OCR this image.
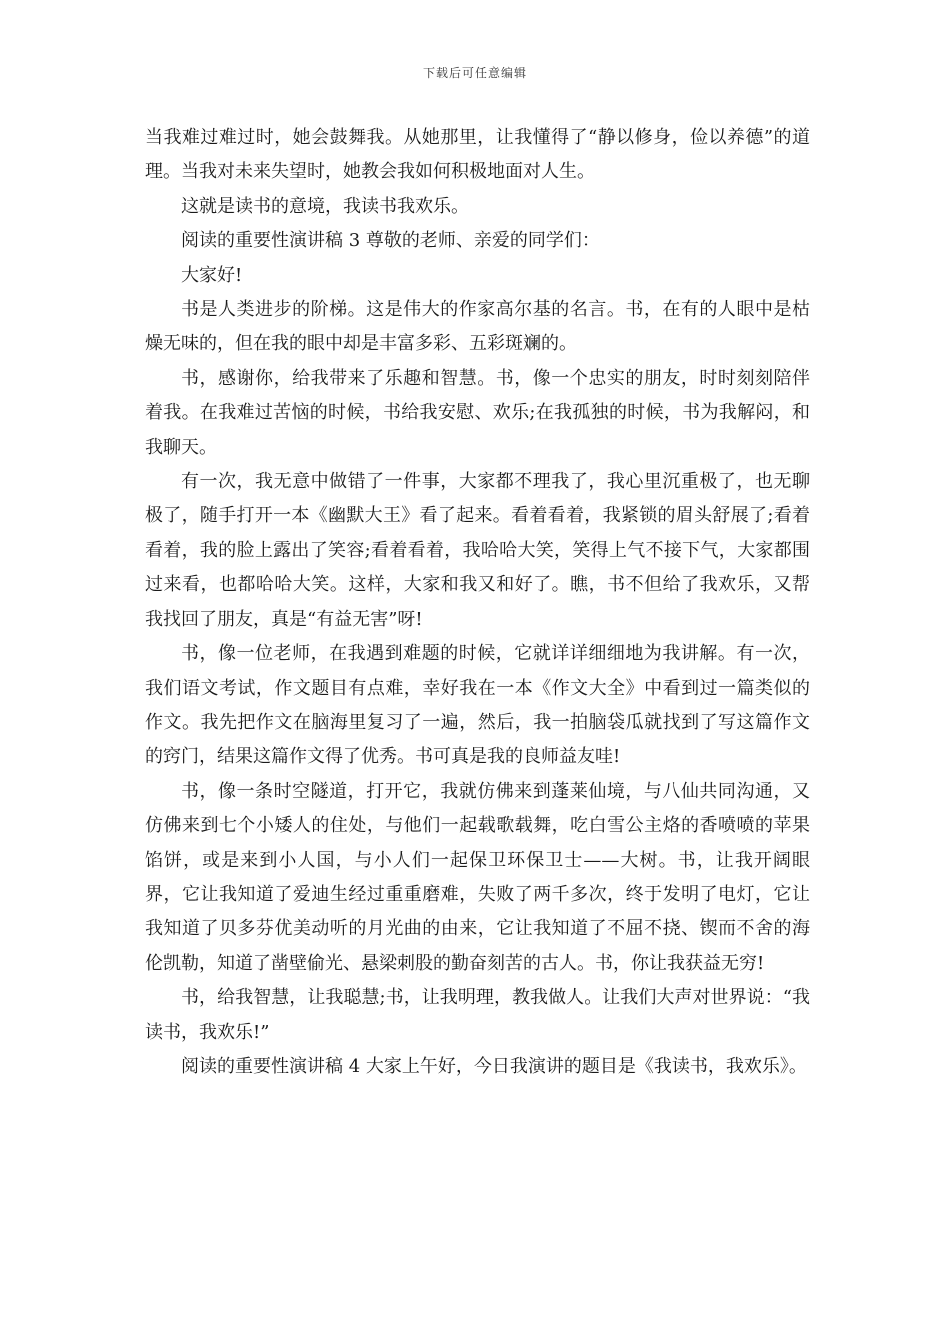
下载后可任意编辑

当我难过难过时，她会鼓舞我。从她那里，让我懂得了“静以修身，俭以养德”的道理。当我对未来失望时，她教会我如何积极地面对人生。

这就是读书的意境，我读书我欢乐。

阅读的重要性演讲稿 3 尊敬的老师、亲爱的同学们：

大家好!

书是人类进步的阶梯。这是伟大的作家高尔基的名言。书，在有的人眼中是枯燥无味的，但在我的眼中却是丰富多彩、五彩斑斓的。

书，感谢你，给我带来了乐趣和智慧。书，像一个忠实的朋友，时时刻刻陪伴着我。在我难过苦恼的时候，书给我安慰、欢乐;在我孤独的时候，书为我解闷，和我聊天。

有一次，我无意中做错了一件事，大家都不理我了，我心里沉重极了，也无聊极了，随手打开一本《幽默大王》看了起来。看着看着，我紧锁的眉头舒展了;看着看着，我的脸上露出了笑容;看着看着，我哈哈大笑，笑得上气不接下气，大家都围过来看，也都哈哈大笑。这样，大家和我又和好了。瞧，书不但给了我欢乐，又帮我找回了朋友，真是“有益无害”呀!

书，像一位老师，在我遇到难题的时候，它就详详细细地为我讲解。有一次，我们语文考试，作文题目有点难，幸好我在一本《作文大全》中看到过一篇类似的作文。我先把作文在脑海里复习了一遍，然后，我一拍脑袋瓜就找到了写这篇作文的窍门，结果这篇作文得了优秀。书可真是我的良师益友哇!

书，像一条时空隧道，打开它，我就仿佛来到蓬莱仙境，与八仙共同沟通，又仿佛来到七个小矮人的住处，与他们一起载歌载舞，吃白雪公主烙的香喷喷的苹果馅饼，或是来到小人国，与小人们一起保卫环保卫士——大树。书，让我开阔眼界，它让我知道了爱迪生经过重重磨难，失败了两千多次，终于发明了电灯，它让我知道了贝多芬优美动听的月光曲的由来，它让我知道了不屈不挠、锲而不舍的海伦凯勒，知道了凿壁偷光、悬梁刺股的勤奋刻苦的古人。书，你让我获益无穷!

书，给我智慧，让我聪慧;书，让我明理，教我做人。让我们大声对世界说：“我读书，我欢乐!”

阅读的重要性演讲稿 4 大家上午好，今日我演讲的题目是《我读书，我欢乐》。
